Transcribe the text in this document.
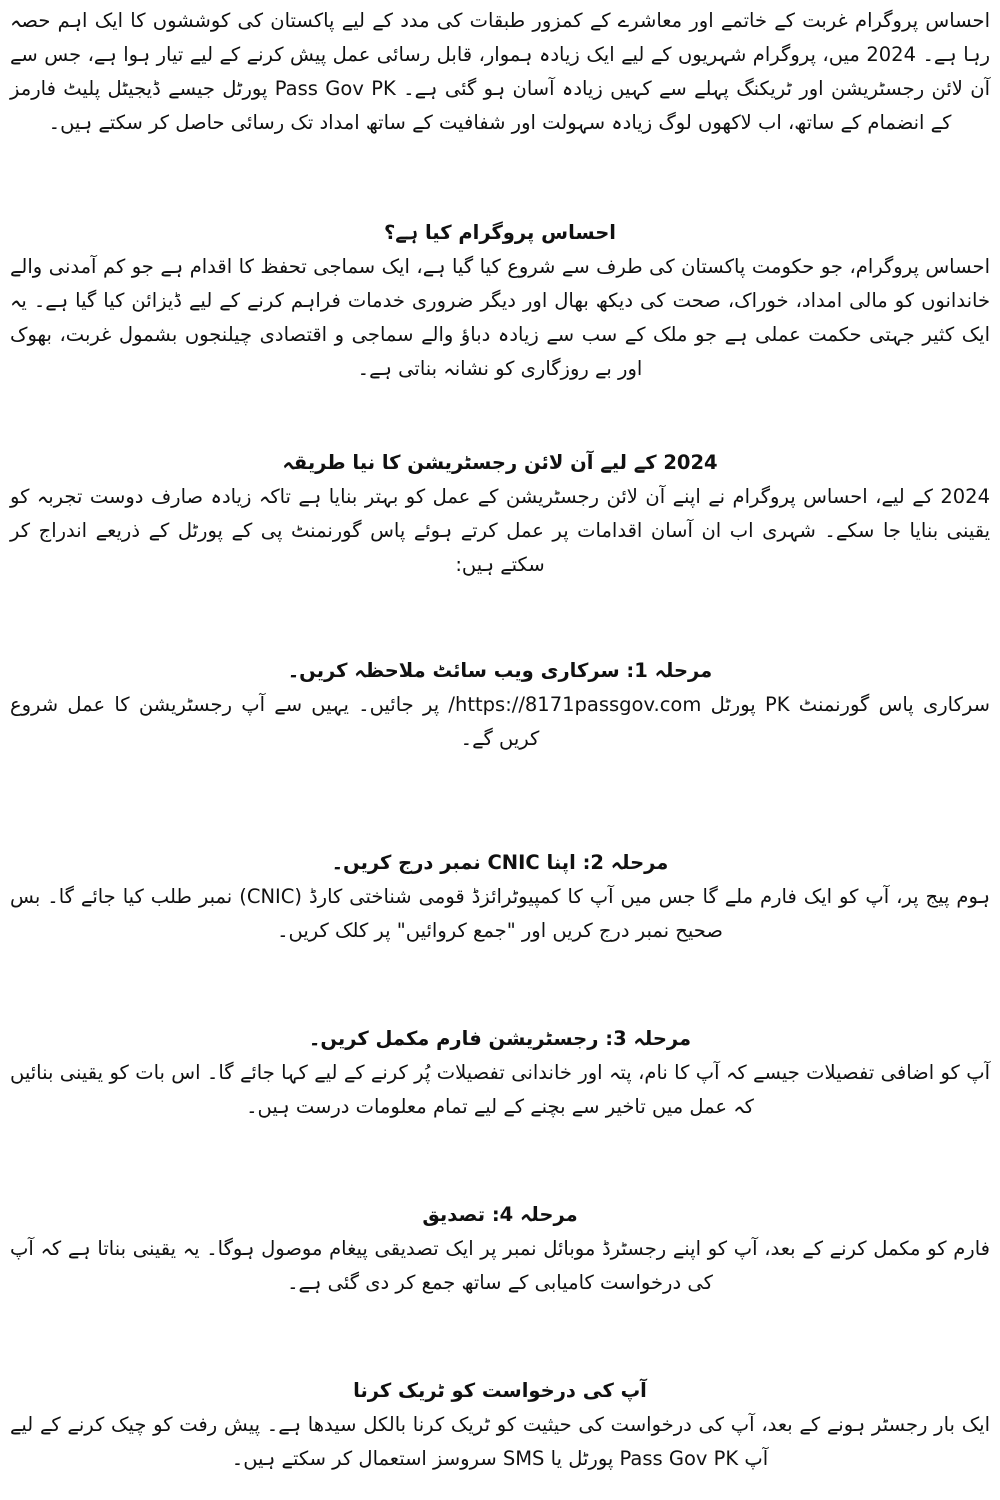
احساس پروگرام غربت کے خاتمے اور معاشرے کے کمزور طبقات کی مدد کے لیے پاکستان کی کوششوں کا ایک اہم حصہ رہا ہے۔ 2024 میں، پروگرام شہریوں کے لیے ایک زیادہ ہموار، قابل رسائی عمل پیش کرنے کے لیے تیار ہوا ہے، جس سے آن لائن رجسٹریشن اور ٹریکنگ پہلے سے کہیں زیادہ آسان ہو گئی ہے۔ Pass Gov PK پورٹل جیسے ڈیجیٹل پلیٹ فارمز کے انضمام کے ساتھ، اب لاکھوں لوگ زیادہ سہولت اور شفافیت کے ساتھ امداد تک رسائی حاصل کر سکتے ہیں۔

احساس پروگرام کیا ہے؟

احساس پروگرام، جو حکومت پاکستان کی طرف سے شروع کیا گیا ہے، ایک سماجی تحفظ کا اقدام ہے جو کم آمدنی والے خاندانوں کو مالی امداد، خوراک، صحت کی دیکھ بھال اور دیگر ضروری خدمات فراہم کرنے کے لیے ڈیزائن کیا گیا ہے۔ یہ ایک کثیر جہتی حکمت عملی ہے جو ملک کے سب سے زیادہ دباؤ والے سماجی و اقتصادی چیلنجوں بشمول غربت، بھوک اور بے روزگاری کو نشانہ بناتی ہے۔

2024 کے لیے آن لائن رجسٹریشن کا نیا طریقہ

2024 کے لیے، احساس پروگرام نے اپنے آن لائن رجسٹریشن کے عمل کو بہتر بنایا ہے تاکہ زیادہ صارف دوست تجربہ کو یقینی بنایا جا سکے۔ شہری اب ان آسان اقدامات پر عمل کرتے ہوئے پاس گورنمنٹ پی کے پورٹل کے ذریعے اندراج کر سکتے ہیں:

مرحلہ 1: سرکاری ویب سائٹ ملاحظہ کریں۔

سرکاری پاس گورنمنٹ PK پورٹل https://8171passgov.com/ پر جائیں۔ یہیں سے آپ رجسٹریشن کا عمل شروع کریں گے۔

مرحلہ 2: اپنا CNIC نمبر درج کریں۔

ہوم پیج پر، آپ کو ایک فارم ملے گا جس میں آپ کا کمپیوٹرائزڈ قومی شناختی کارڈ (CNIC) نمبر طلب کیا جائے گا۔ بس صحیح نمبر درج کریں اور "جمع کروائیں" پر کلک کریں۔

مرحلہ 3: رجسٹریشن فارم مکمل کریں۔

آپ کو اضافی تفصیلات جیسے کہ آپ کا نام، پتہ اور خاندانی تفصیلات پُر کرنے کے لیے کہا جائے گا۔ اس بات کو یقینی بنائیں کہ عمل میں تاخیر سے بچنے کے لیے تمام معلومات درست ہیں۔

مرحلہ 4: تصدیق

فارم کو مکمل کرنے کے بعد، آپ کو اپنے رجسٹرڈ موبائل نمبر پر ایک تصدیقی پیغام موصول ہوگا۔ یہ یقینی بناتا ہے کہ آپ کی درخواست کامیابی کے ساتھ جمع کر دی گئی ہے۔

آپ کی درخواست کو ٹریک کرنا

ایک بار رجسٹر ہونے کے بعد، آپ کی درخواست کی حیثیت کو ٹریک کرنا بالکل سیدھا ہے۔ پیش رفت کو چیک کرنے کے لیے آپ Pass Gov PK پورٹل یا SMS سروسز استعمال کر سکتے ہیں۔
